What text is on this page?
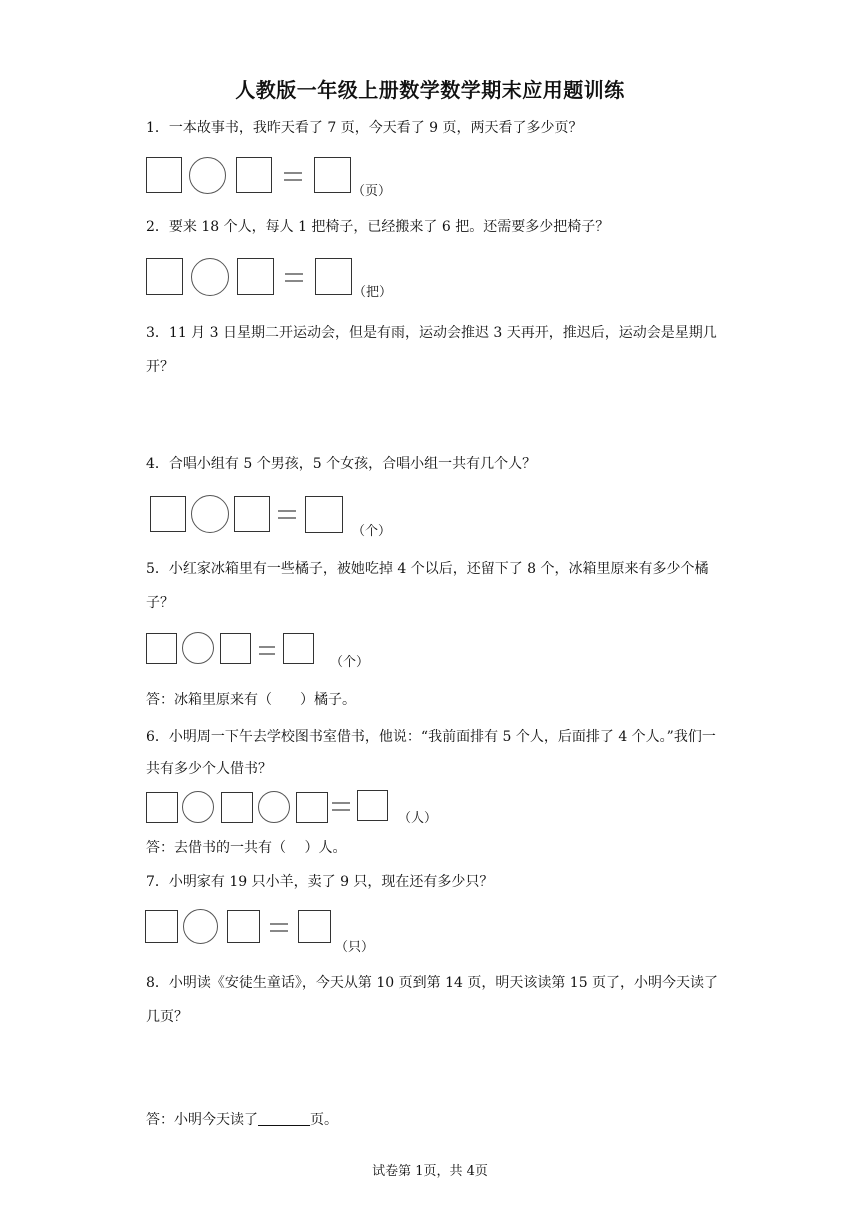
人教版一年级上册数学数学期末应用题训练
1．一本故事书，我昨天看了 7 页，今天看了 9 页，两天看了多少页？
（页）
2．要来 18 个人，每人 1 把椅子，已经搬来了 6 把。还需要多少把椅子？
（把）
3．11 月 3 日星期二开运动会，但是有雨，运动会推迟 3 天再开，推迟后，运动会是星期几开？
4．合唱小组有 5 个男孩，5 个女孩，合唱小组一共有几个人？
（个）
5．小红家冰箱里有一些橘子，被她吃掉 4 个以后，还留下了 8 个，冰箱里原来有多少个橘子？
（个）
答：冰箱里原来有（　　）橘子。
6．小明周一下午去学校图书室借书，他说：“我前面排有 5 个人，后面排了 4 个人。”我们一共有多少个人借书？
（人）
答：去借书的一共有（　 ）人。
7．小明家有 19 只小羊，卖了 9 只，现在还有多少只？
（只）
8．小明读《安徒生童话》，今天从第 10 页到第 14 页，明天该读第 15 页了，小明今天读了几页？
答：小明今天读了	页。
试卷第 1页，共 4页
